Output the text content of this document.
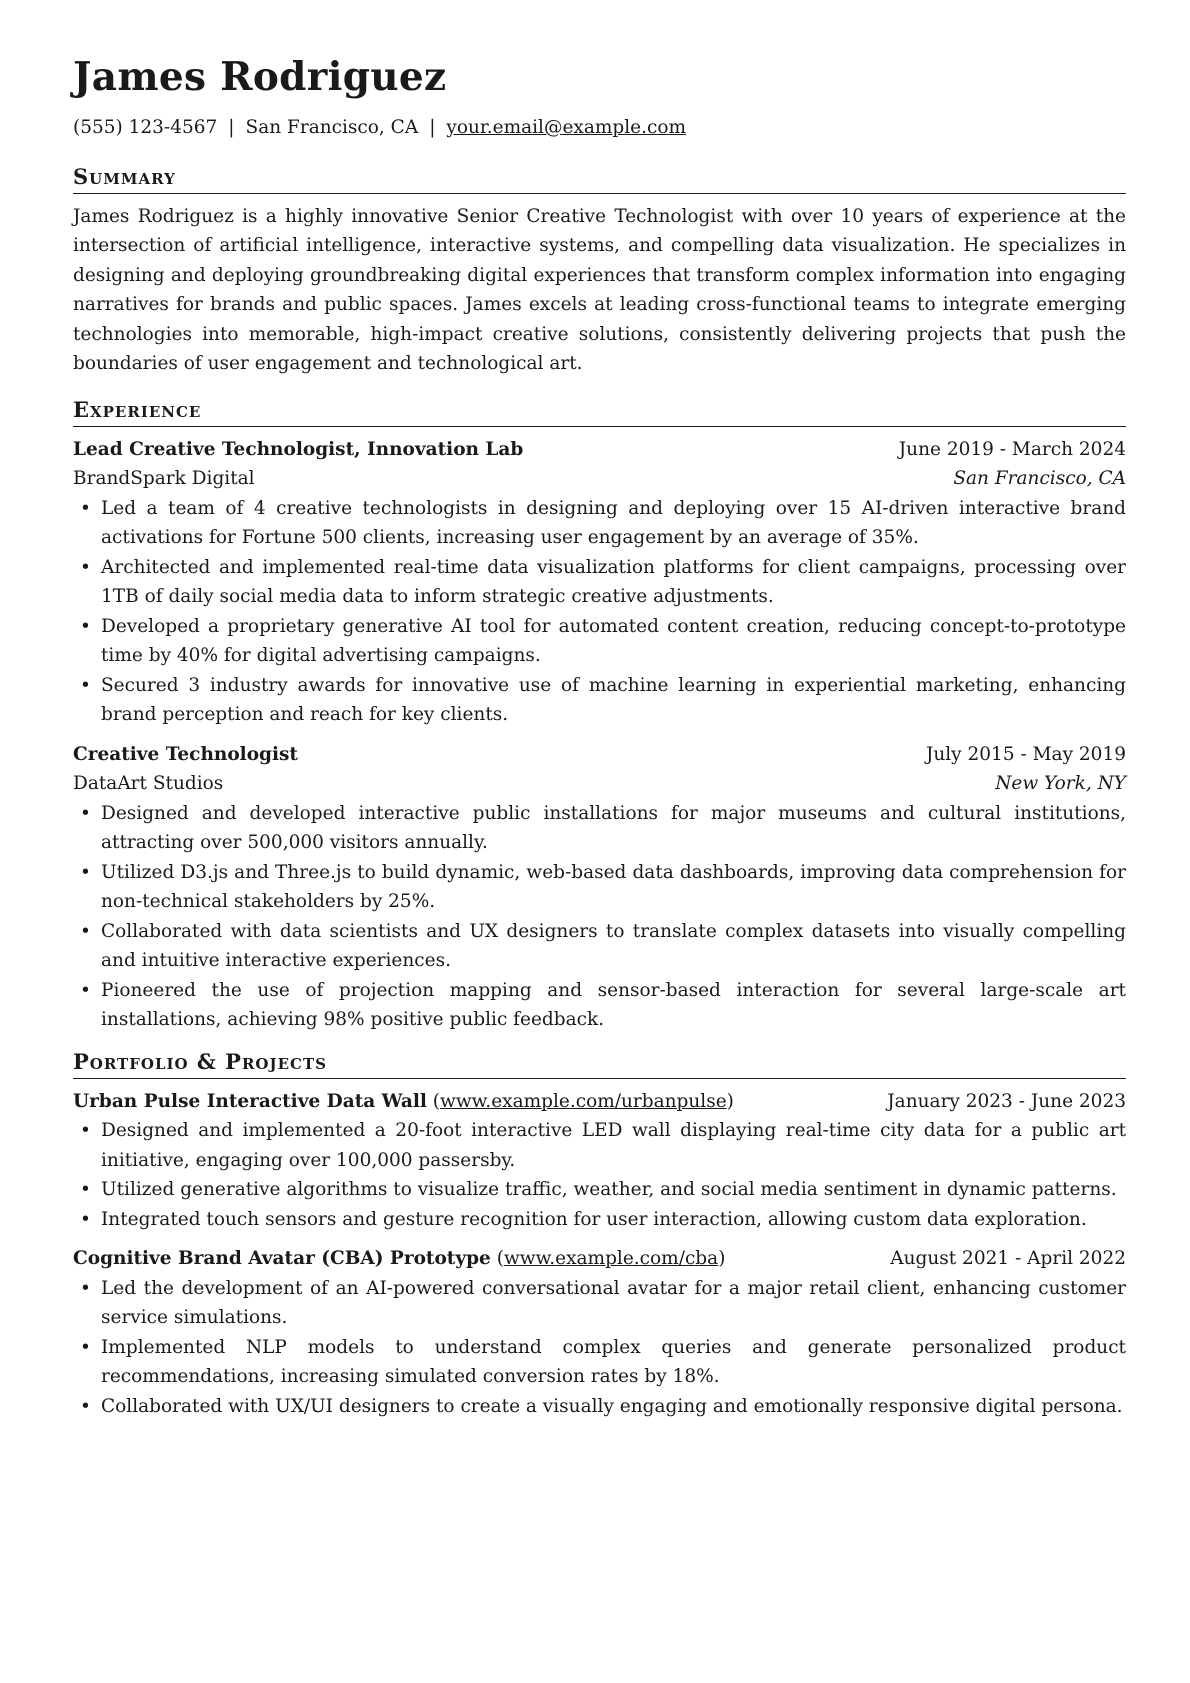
James Rodriguez
(555) 123-4567 | San Francisco, CA | your.email@example.com
Summary

James Rodriguez is a highly innovative Senior Creative Technologist with over 10 years of experience at the intersection of artificial intelligence, interactive systems, and compelling data visualization. He specializes in designing and deploying groundbreaking digital experiences that transform complex information into engaging narratives for brands and public spaces. James excels at leading cross-functional teams to integrate emerging technologies into memorable, high-impact creative solutions, consistently delivering projects that push the boundaries of user engagement and technological art.

Experience
Lead Creative Technologist, Innovation Lab	June 2019 - March 2024
BrandSpark Digital	San Francisco, CA
• Led a team of 4 creative technologists in designing and deploying over 15 AI-driven interactive brand activations for Fortune 500 clients, increasing user engagement by an average of 35%.
• Architected and implemented real-time data visualization platforms for client campaigns, processing over 1TB of daily social media data to inform strategic creative adjustments.
• Developed a proprietary generative AI tool for automated content creation, reducing concept-to-prototype time by 40% for digital advertising campaigns.
• Secured 3 industry awards for innovative use of machine learning in experiential marketing, enhancing brand perception and reach for key clients.
Creative Technologist	July 2015 - May 2019
DataArt Studios	New York, NY
• Designed and developed interactive public installations for major museums and cultural institutions, attracting over 500,000 visitors annually.
• Utilized D3.js and Three.js to build dynamic, web-based data dashboards, improving data comprehension for non-technical stakeholders by 25%.
• Collaborated with data scientists and UX designers to translate complex datasets into visually compelling and intuitive interactive experiences.
• Pioneered the use of projection mapping and sensor-based interaction for several large-scale art installations, achieving 98% positive public feedback.
Portfolio & Projects
Urban Pulse Interactive Data Wall (www.example.com/urbanpulse)	January 2023 - June 2023
• Designed and implemented a 20-foot interactive LED wall displaying real-time city data for a public art initiative, engaging over 100,000 passersby.
• Utilized generative algorithms to visualize traffic, weather, and social media sentiment in dynamic patterns.
• Integrated touch sensors and gesture recognition for user interaction, allowing custom data exploration.
Cognitive Brand Avatar (CBA) Prototype (www.example.com/cba)	August 2021 - April 2022
• Led the development of an AI-powered conversational avatar for a major retail client, enhancing customer service simulations.
• Implemented NLP models to understand complex queries and generate personalized product recommendations, increasing simulated conversion rates by 18%.
• Collaborated with UX/UI designers to create a visually engaging and emotionally responsive digital persona.
